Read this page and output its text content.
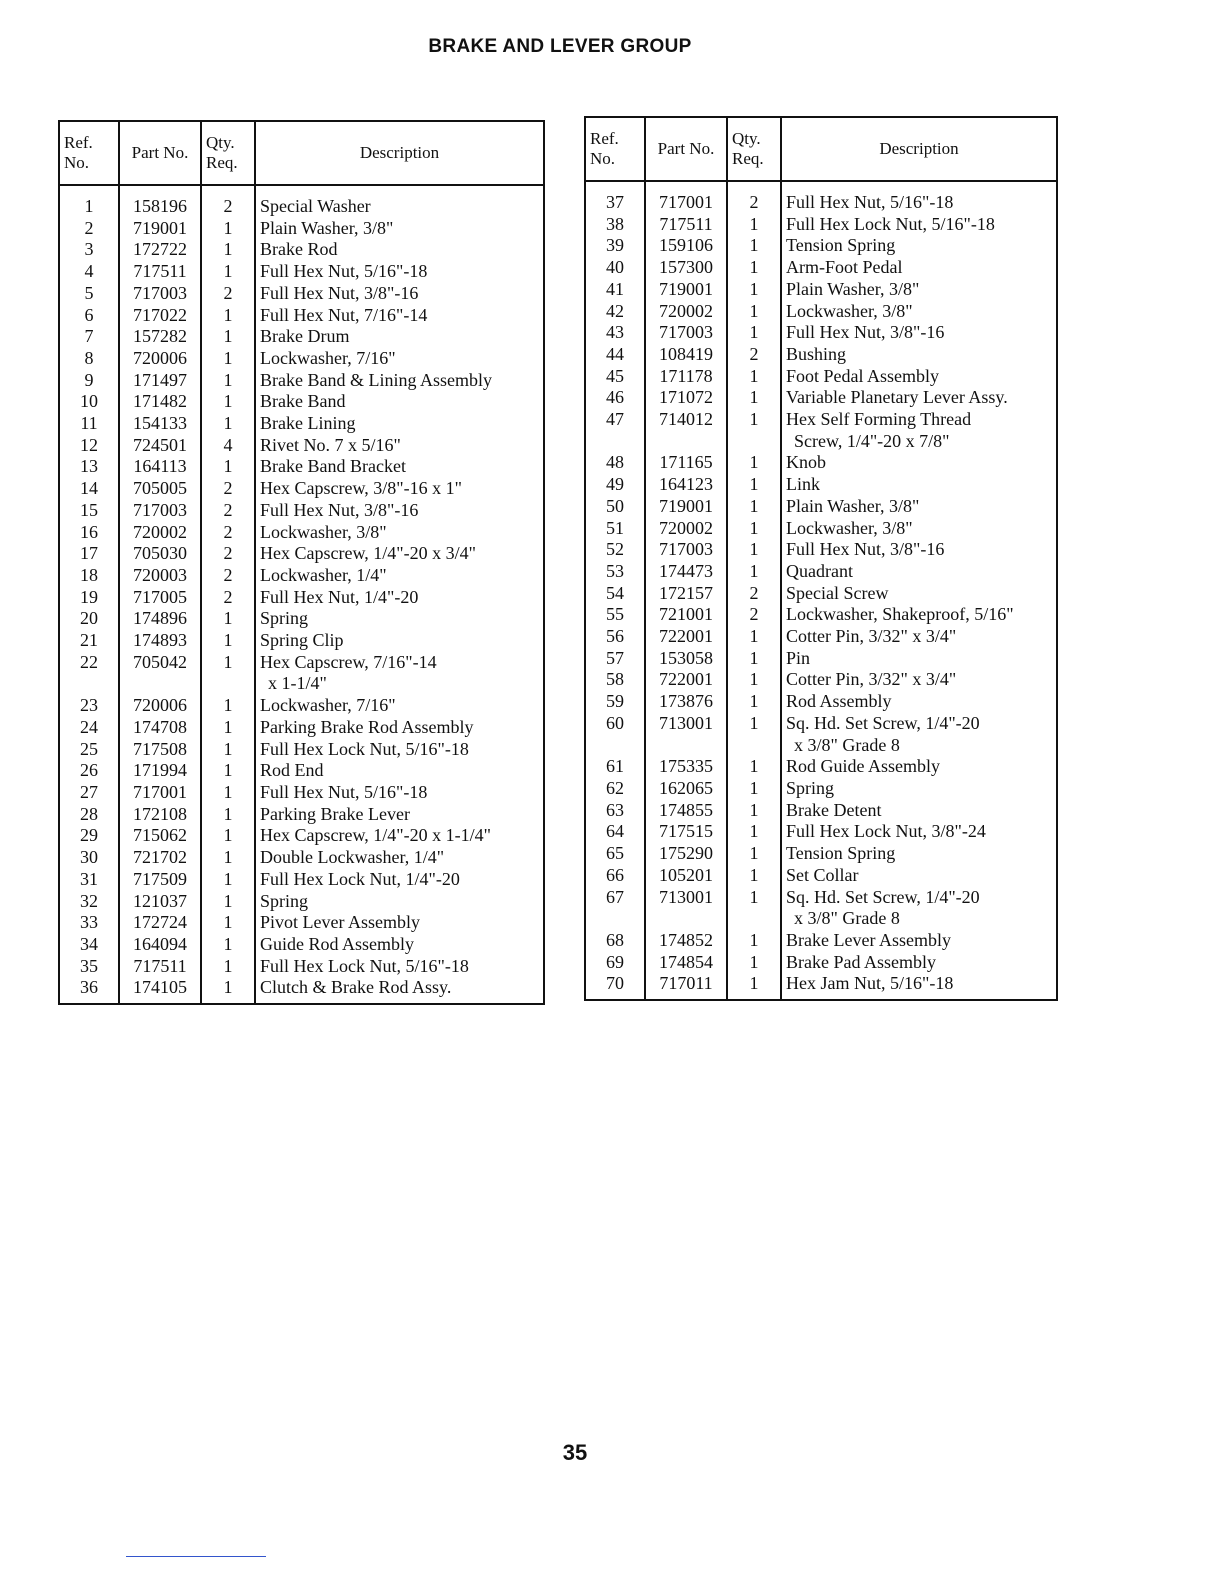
BRAKE AND LEVER GROUP
Ref. No.	Part No.	Qty. Req.	Description
1	158196	2	Special Washer
2	719001	1	Plain Washer, 3/8"
3	172722	1	Brake Rod
4	717511	1	Full Hex Nut, 5/16"-18
5	717003	2	Full Hex Nut, 3/8"-16
6	717022	1	Full Hex Nut, 7/16"-14
7	157282	1	Brake Drum
8	720006	1	Lockwasher, 7/16"
9	171497	1	Brake Band & Lining Assembly
10	171482	1	Brake Band
11	154133	1	Brake Lining
12	724501	4	Rivet No. 7 x 5/16"
13	164113	1	Brake Band Bracket
14	705005	2	Hex Capscrew, 3/8"-16 x 1"
15	717003	2	Full Hex Nut, 3/8"-16
16	720002	2	Lockwasher, 3/8"
17	705030	2	Hex Capscrew, 1/4"-20 x 3/4"
18	720003	2	Lockwasher, 1/4"
19	717005	2	Full Hex Nut, 1/4"-20
20	174896	1	Spring
21	174893	1	Spring Clip
22	705042	1	Hex Capscrew, 7/16"-14
			x 1-1/4"
23	720006	1	Lockwasher, 7/16"
24	174708	1	Parking Brake Rod Assembly
25	717508	1	Full Hex Lock Nut, 5/16"-18
26	171994	1	Rod End
27	717001	1	Full Hex Nut, 5/16"-18
28	172108	1	Parking Brake Lever
29	715062	1	Hex Capscrew, 1/4"-20 x 1-1/4"
30	721702	1	Double Lockwasher, 1/4"
31	717509	1	Full Hex Lock Nut, 1/4"-20
32	121037	1	Spring
33	172724	1	Pivot Lever Assembly
34	164094	1	Guide Rod Assembly
35	717511	1	Full Hex Lock Nut, 5/16"-18
36	174105	1	Clutch & Brake Rod Assy.
Ref. No.	Part No.	Qty. Req.	Description
37	717001	2	Full Hex Nut, 5/16"-18
38	717511	1	Full Hex Lock Nut, 5/16"-18
39	159106	1	Tension Spring
40	157300	1	Arm-Foot Pedal
41	719001	1	Plain Washer, 3/8"
42	720002	1	Lockwasher, 3/8"
43	717003	1	Full Hex Nut, 3/8"-16
44	108419	2	Bushing
45	171178	1	Foot Pedal Assembly
46	171072	1	Variable Planetary Lever Assy.
47	714012	1	Hex Self Forming Thread
			Screw, 1/4"-20 x 7/8"
48	171165	1	Knob
49	164123	1	Link
50	719001	1	Plain Washer, 3/8"
51	720002	1	Lockwasher, 3/8"
52	717003	1	Full Hex Nut, 3/8"-16
53	174473	1	Quadrant
54	172157	2	Special Screw
55	721001	2	Lockwasher, Shakeproof, 5/16"
56	722001	1	Cotter Pin, 3/32" x 3/4"
57	153058	1	Pin
58	722001	1	Cotter Pin, 3/32" x 3/4"
59	173876	1	Rod Assembly
60	713001	1	Sq. Hd. Set Screw, 1/4"-20
			x 3/8" Grade 8
61	175335	1	Rod Guide Assembly
62	162065	1	Spring
63	174855	1	Brake Detent
64	717515	1	Full Hex Lock Nut, 3/8"-24
65	175290	1	Tension Spring
66	105201	1	Set Collar
67	713001	1	Sq. Hd. Set Screw, 1/4"-20
			x 3/8" Grade 8
68	174852	1	Brake Lever Assembly
69	174854	1	Brake Pad Assembly
70	717011	1	Hex Jam Nut, 5/16"-18
35
